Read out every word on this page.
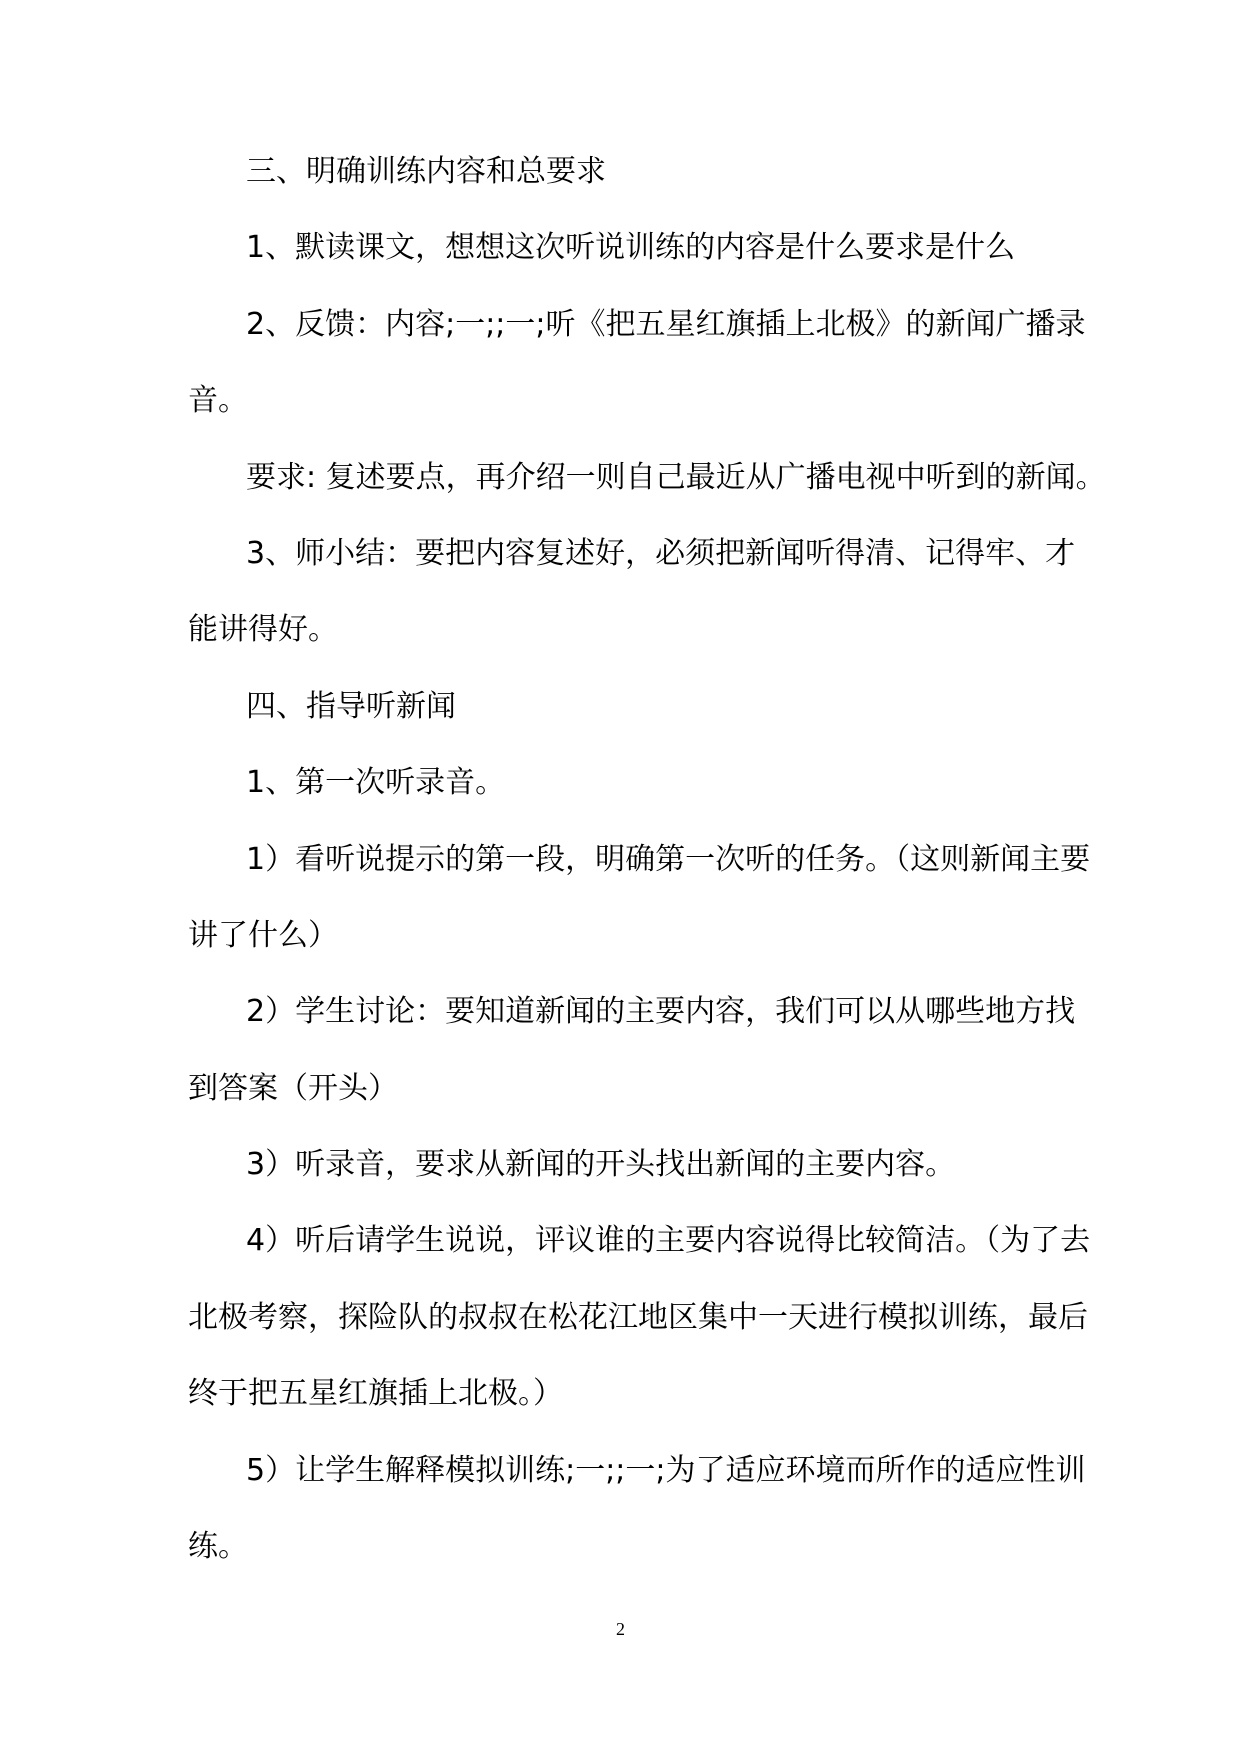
三、明确训练内容和总要求
1、默读课文，想想这次听说训练的内容是什么要求是什么
2、反馈：内容;一;;一;听《把五星红旗插上北极》的新闻广播录
音。
要求: 复述要点，再介绍一则自己最近从广播电视中听到的新闻。
3、师小结：要把内容复述好，必须把新闻听得清、记得牢、才
能讲得好。
四、指导听新闻
1、第一次听录音。
1）看听说提示的第一段，明确第一次听的任务。（这则新闻主要
讲了什么）
2）学生讨论：要知道新闻的主要内容，我们可以从哪些地方找
到答案（开头）
3）听录音，要求从新闻的开头找出新闻的主要内容。
4）听后请学生说说，评议谁的主要内容说得比较简洁。（为了去
北极考察，探险队的叔叔在松花江地区集中一天进行模拟训练，最后
终于把五星红旗插上北极。）
5）让学生解释模拟训练;一;;一;为了适应环境而所作的适应性训
练。
2
